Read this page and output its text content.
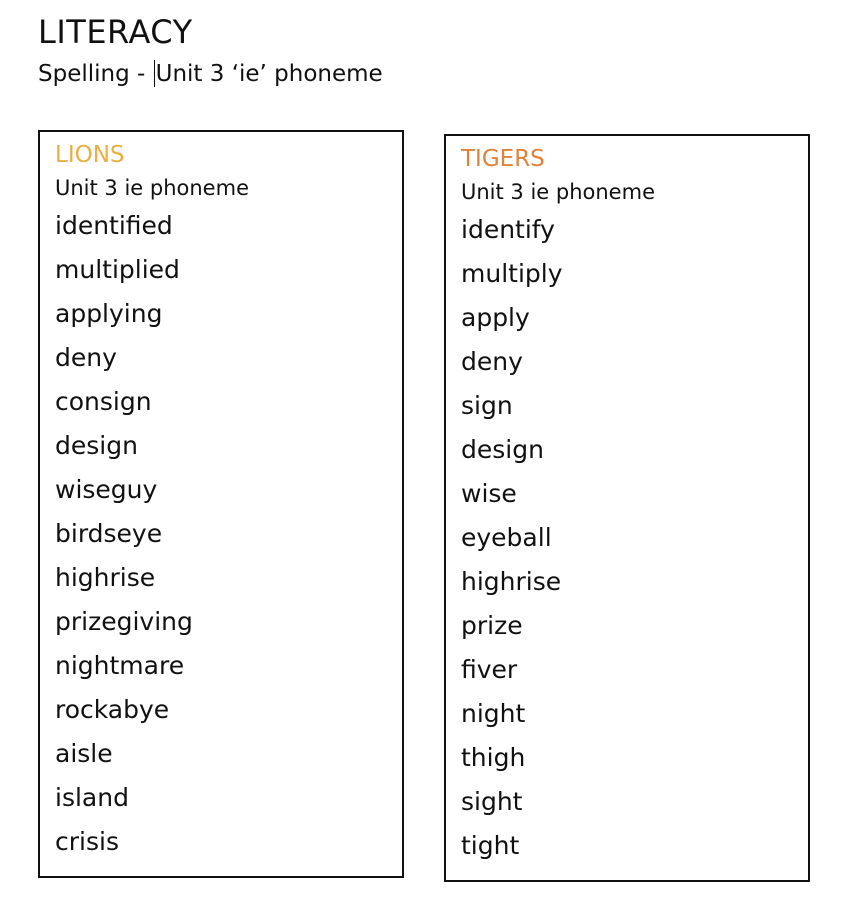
LITERACY
Spelling - Unit 3 ‘ie’ phoneme
LIONS
Unit 3 ie phoneme
identified
multiplied
applying
deny
consign
design
wiseguy
birdseye
highrise
prizegiving
nightmare
rockabye
aisle
island
crisis
TIGERS
Unit 3 ie phoneme
identify
multiply
apply
deny
sign
design
wise
eyeball
highrise
prize
fiver
night
thigh
sight
tight
